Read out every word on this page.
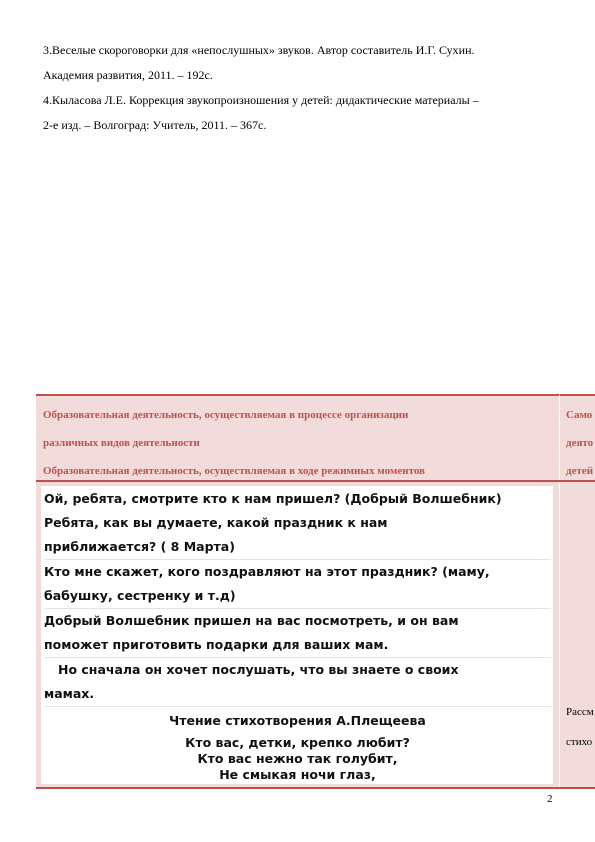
3.Веселые скороговорки для «непослушных» звуков. Автор составитель И.Г. Сухин.

Академия развития, 2011. – 192с.

4.Кыласова Л.Е. Коррекция звукопроизношения у детей: дидактические материалы –

2-е изд. – Волгоград: Учитель, 2011. – 367с.

Образовательная деятельность, осуществляемая в процессе организации
различных видов деятельности
Образовательная деятельность, осуществляемая в ходе режимных моментов
Само
деято
детей
Ой, ребята, смотрите кто к нам пришел? (Добрый Волшебник)
Ребята, как вы думаете, какой праздник к нам
приближается? ( 8 Марта)
Кто мне скажет, кого поздравляют на этот праздник? (маму,
бабушку, сестренку и т.д)
Добрый Волшебник пришел на вас посмотреть, и он вам
поможет приготовить подарки для ваших мам.
Но сначала он хочет послушать, что вы знаете о своих
мамах.
Чтение стихотворения А.Плещеева
Кто вас, детки, крепко любит?
Кто вас нежно так голубит,
Не смыкая ночи глаз,
Рассм
стихо
2
